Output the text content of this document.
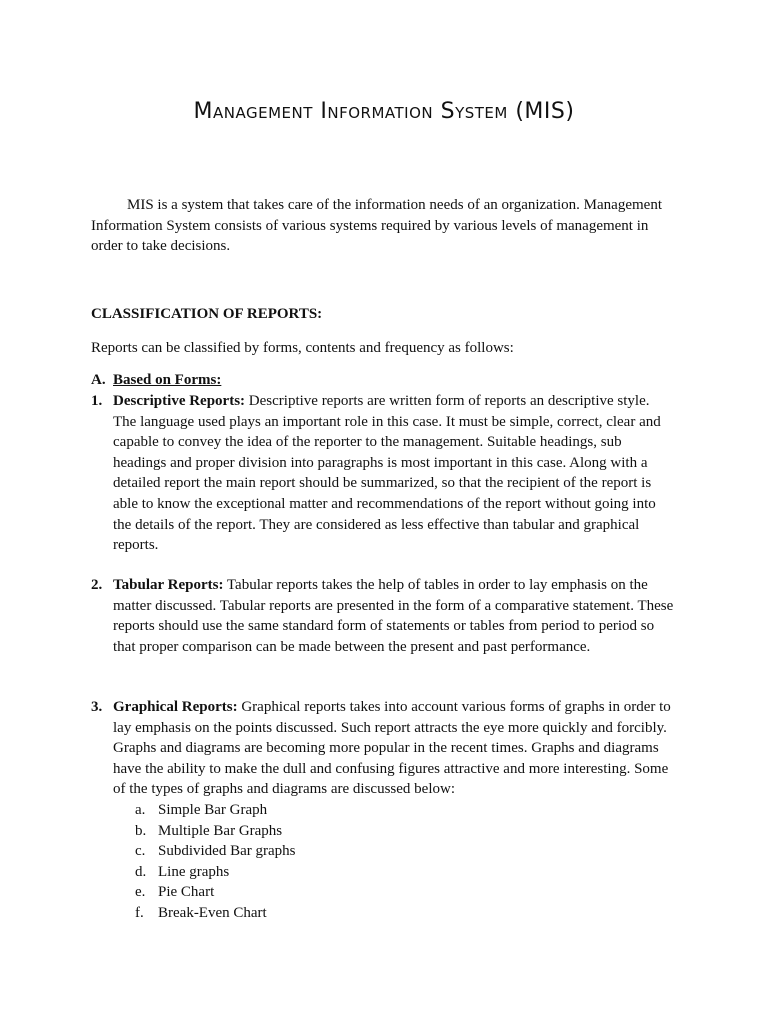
Management Information System (MIS)

MIS is a system that takes care of the information needs of an organization. Management

Information System consists of various systems required by various levels of management in

order to take decisions.

CLASSIFICATION OF REPORTS:
Reports can be classified by forms, contents and frequency as follows:
A. Based on Forms:
1. Descriptive Reports: Descriptive reports are written form of reports an descriptive style.
The language used plays an important role in this case. It must be simple, correct, clear and
capable to convey the idea of the reporter to the management. Suitable headings, sub
headings and proper division into paragraphs is most important in this case. Along with a
detailed report the main report should be summarized, so that the recipient of the report is
able to know the exceptional matter and recommendations of the report without going into
the details of the report. They are considered as less effective than tabular and graphical
reports.
2. Tabular Reports: Tabular reports takes the help of tables in order to lay emphasis on the
matter discussed. Tabular reports are presented in the form of a comparative statement. These
reports should use the same standard form of statements or tables from period to period so
that proper comparison can be made between the present and past performance.
3. Graphical Reports: Graphical reports takes into account various forms of graphs in order to
lay emphasis on the points discussed. Such report attracts the eye more quickly and forcibly.
Graphs and diagrams are becoming more popular in the recent times. Graphs and diagrams
have the ability to make the dull and confusing figures attractive and more interesting. Some
of the types of graphs and diagrams are discussed below:
a. Simple Bar Graph
b. Multiple Bar Graphs
c. Subdivided Bar graphs
d. Line graphs
e. Pie Chart
f. Break-Even Chart
